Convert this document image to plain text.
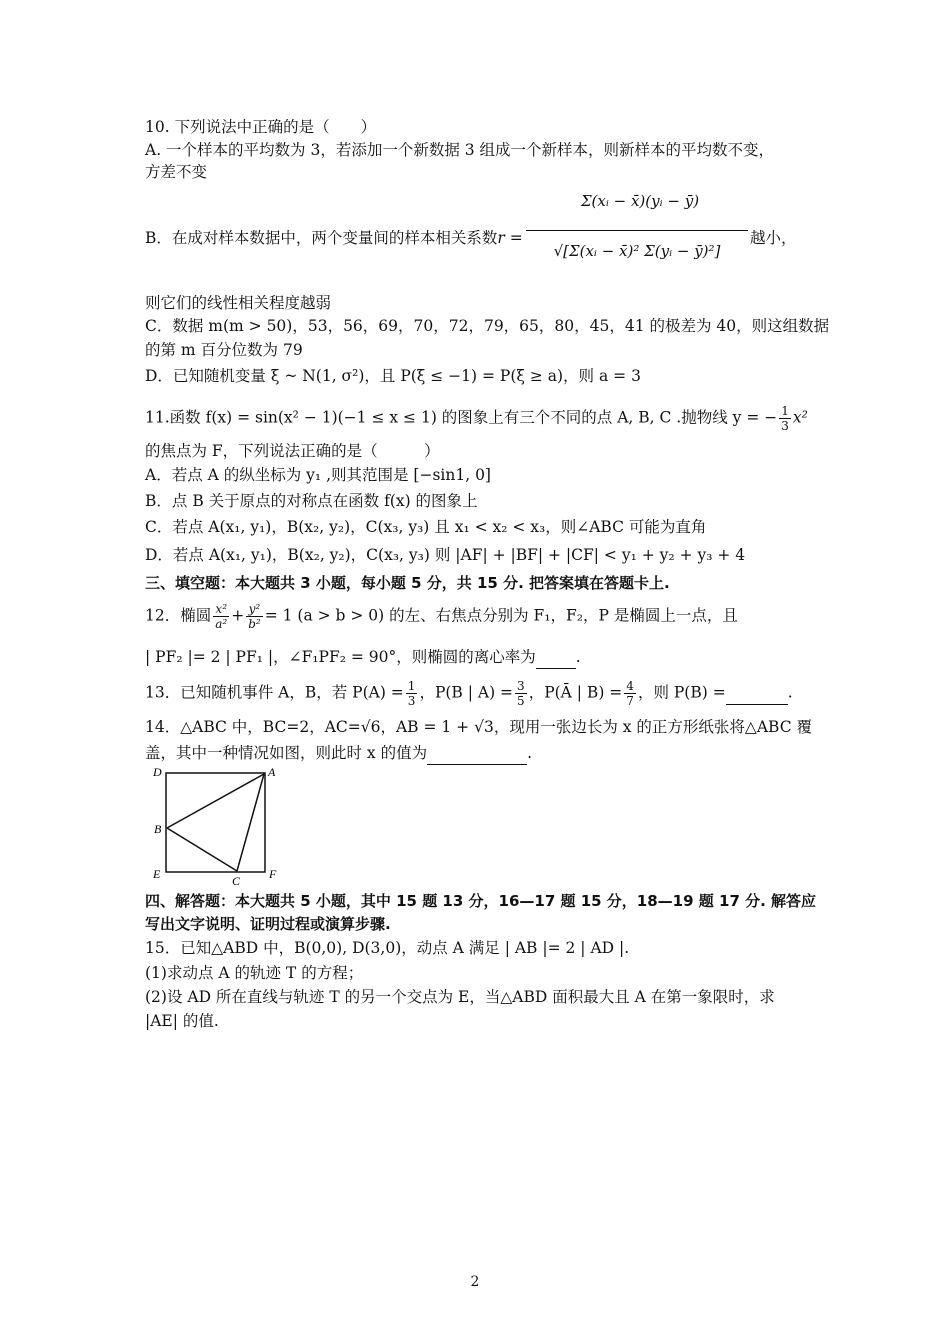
10. 下列说法中正确的是（　　）
A. 一个样本的平均数为 3，若添加一个新数据 3 组成一个新样本，则新样本的平均数不变，
方差不变
B．在成对样本数据中，两个变量间的样本相关系数r =
Σ(xᵢ − x̄)(yᵢ − ȳ)
√[Σ(xᵢ − x̄)² Σ(yᵢ − ȳ)²]
越小，
则它们的线性相关程度越弱
C．数据 m(m > 50)，53，56，69，70，72，79，65，80，45，41 的极差为 40，则这组数据
的第 m 百分位数为 79
D．已知随机变量 ξ ~ N(1, σ²)，且 P(ξ ≤ −1) = P(ξ ≥ a)，则 a = 3
11.函数 f(x) = sin(x² − 1)(−1 ≤ x ≤ 1) 的图象上有三个不同的点 A, B, C .抛物线 y = − $\frac{1}{3} x^2$
的焦点为 F，下列说法正确的是（　　　）
A．若点 A 的纵坐标为 y₁ ,则其范围是 [−sin1, 0]
B．点 B 关于原点的对称点在函数 f(x) 的图象上
C．若点 A(x₁, y₁)，B(x₂, y₂)，C(x₃, y₃) 且 x₁ < x₂ < x₃，则∠ABC 可能为直角
D．若点 A(x₁, y₁)，B(x₂, y₂)，C(x₃, y₃) 则 |AF| + |BF| + |CF| < y₁ + y₂ + y₃ + 4
三、填空题：本大题共 3 小题，每小题 5 分，共 15 分. 把答案填在答题卡上.
12．椭圆 $\frac{\text{x²}}{\text{a²}} + \frac{\text{y²}}{\text{b²}} = 1$ (a > b > 0) 的左、右焦点分别为 F₁，F₂，P 是椭圆上一点，且
| PF₂ |= 2 | PF₁ |，∠F₁PF₂ = 90°，则椭圆的离心率为	.
13．已知随机事件 A，B，若 $P(A) = \frac{1}{3}$ ，P(B | $A) = \frac{3}{5}$ ，P(Ā | $B) = \frac{4}{7}$ ，则 P(B) =	.
14．△ABC 中，BC=2，AC=√6，AB = 1 + √3，现用一张边长为 x 的正方形纸张将△ABC 覆
盖，其中一种情况如图，则此时 x 的值为	.
D	A
B
E	C F
四、解答题：本大题共 5 小题，其中 15 题 13 分，16—17 题 15 分，18—19 题 17 分. 解答应
写出文字说明、证明过程或演算步骤.
15．已知△ABD 中，B(0,0), D(3,0)，动点 A 满足 | AB |= 2 | AD |.
(1)求动点 A 的轨迹 T 的方程；
(2)设 AD 所在直线与轨迹 T 的另一个交点为 E，当△ABD 面积最大且 A 在第一象限时，求
|AE| 的值.
2
